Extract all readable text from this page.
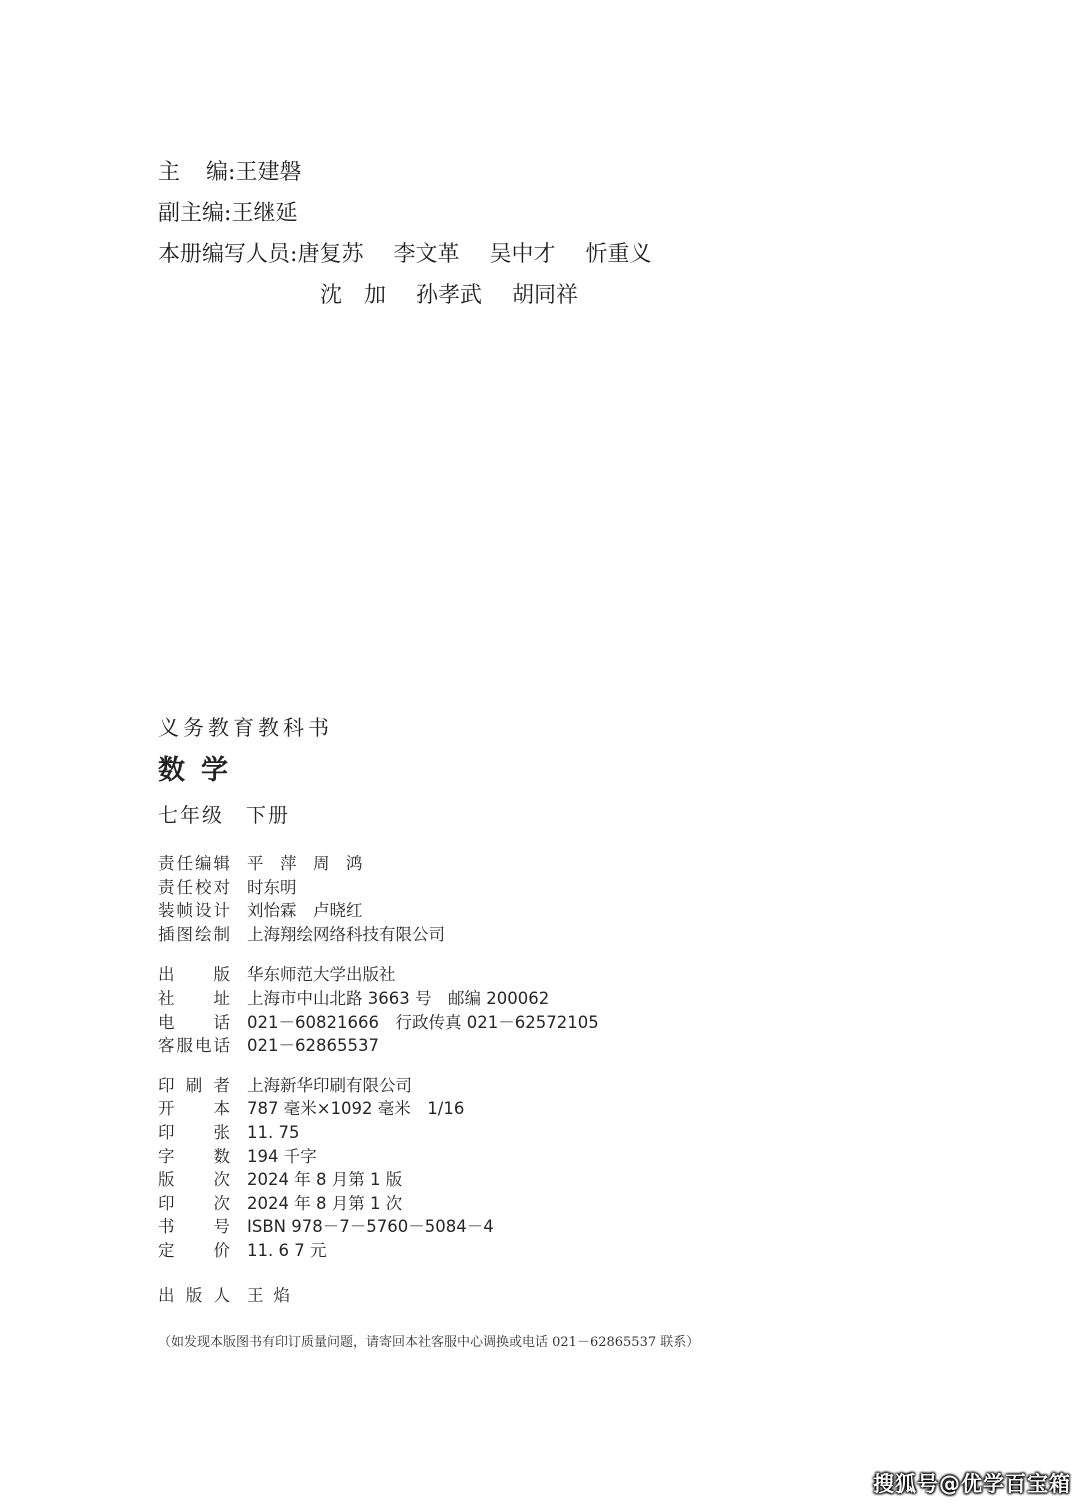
主 编:王建磐
副主编:王继延
本册编写人员:唐复苏 李文革 吴中才 忻重义
沈　加 孙孝武 胡同祥
义务教育教科书
数学
七年级 下册
责任编辑 平　萍　周　鸿
责任校对 时东明
装帧设计 刘怡霖　卢晓红
插图绘制 上海翔绘网络科技有限公司
出版 华东师范大学出版社
社址 上海市中山北路 3663 号　邮编 200062
电话 021－60821666　行政传真 021－62572105
客服电话 021－62865537
印刷者 上海新华印刷有限公司
开本 787 毫米×1092 毫米　1/16
印张 11. 75
字数 194 千字
版次 2024 年 8 月第 1 版
印次 2024 年 8 月第 1 次
书号 ISBN 978－7－5760－5084－4
定价 11. 6 7 元
出版人 王焰
（如发现本版图书有印订质量问题，请寄回本社客服中心调换或电话 021－62865537 联系）
搜狐号@优学百宝箱
